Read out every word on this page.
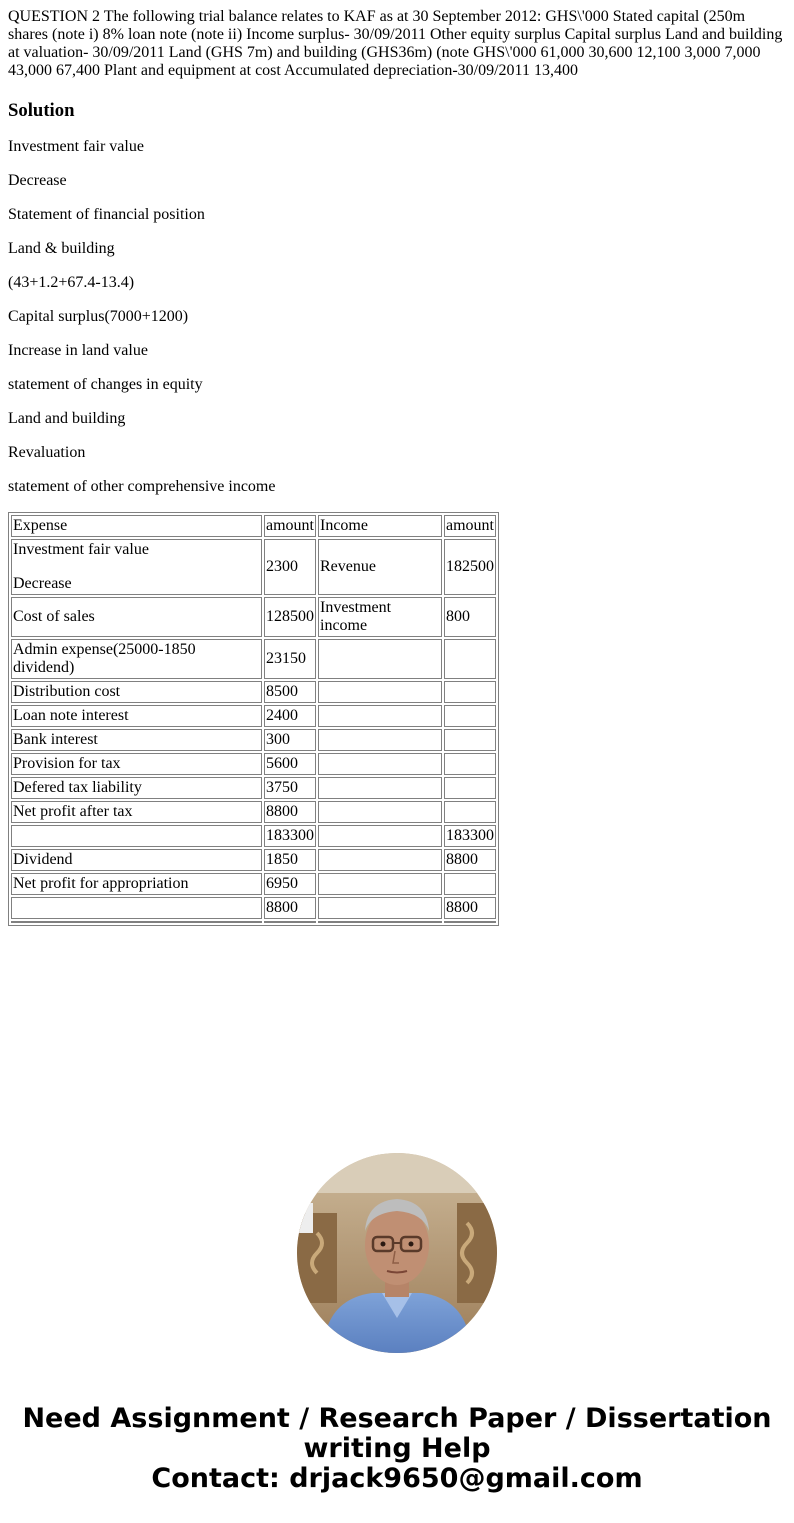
QUESTION 2 The following trial balance relates to KAF as at 30 September 2012: GHS\'000 Stated capital (250m shares (note i) 8% loan note (note ii) Income surplus- 30/09/2011 Other equity surplus Capital surplus Land and building at valuation- 30/09/2011 Land (GHS 7m) and building (GHS36m) (note GHS\'000 61,000 30,600 12,100 3,000 7,000 43,000 67,400 Plant and equipment at cost Accumulated depreciation-30/09/2011 13,400

Solution

Investment fair value

Decrease

Statement of financial position

Land & building

(43+1.2+67.4-13.4)

Capital surplus(7000+1200)

Increase in land value

statement of changes in equity

Land and building

Revaluation

statement of other comprehensive income

Expense	amount	Income	amount

Investment fair value

Decrease	2300	Revenue	182500
Cost of sales	128500	Investment income	800
Admin expense(25000-1850 dividend)	23150		
Distribution cost	8500		
Loan note interest	2400		
Bank interest	300		
Provision for tax	5600		
Defered tax liability	3750		
Net profit after tax	8800		
	183300		183300
Dividend	1850		8800
Net profit for appropriation	6950		
	8800		8800

Need Assignment / Research Paper / Dissertation
writing Help
Contact: drjack9650@gmail.com
